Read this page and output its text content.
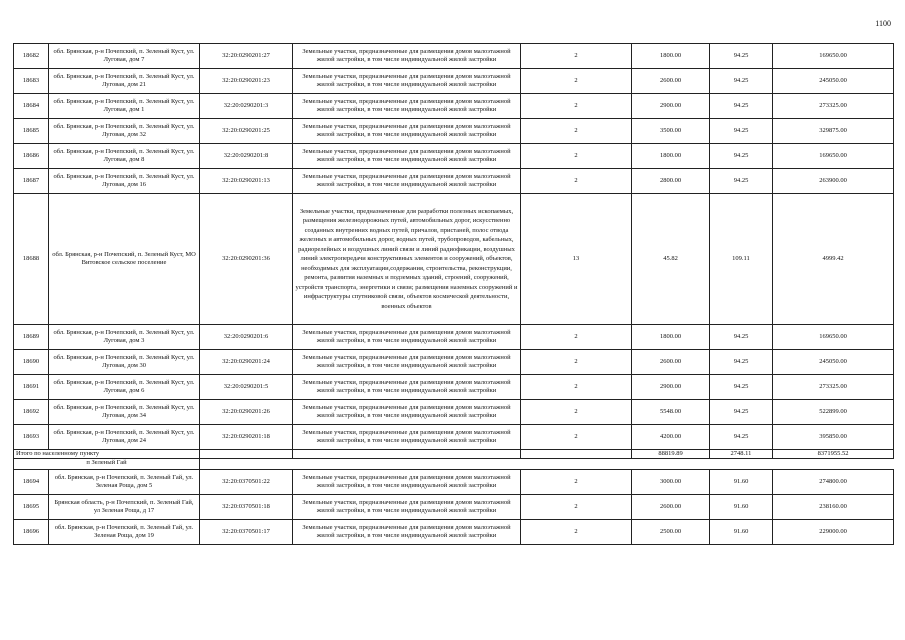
1100
18682	обл. Брянская, р-н Почепский, п. Зеленый Куст, ул. Луговая, дом 7	32:20:0290201:27	Земельные участки, предназначенные для размещения домов малоэтажной жилой застройки, в том числе индивидуальной жилой застройки	2	1800.00	94.25	169650.00
18683	обл. Брянская, р-н Почепский, п. Зеленый Куст, ул. Луговая, дом 21	32:20:0290201:23	Земельные участки, предназначенные для размещения домов малоэтажной жилой застройки, в том числе индивидуальной жилой застройки	2	2600.00	94.25	245050.00
18684	обл. Брянская, р-н Почепский, п. Зеленый Куст, ул. Луговая, дом 1	32:20:0290201:3	Земельные участки, предназначенные для размещения домов малоэтажной жилой застройки, в том числе индивидуальной жилой застройки	2	2900.00	94.25	273325.00
18685	обл. Брянская, р-н Почепский, п. Зеленый Куст, ул. Луговая, дом 32	32:20:0290201:25	Земельные участки, предназначенные для размещения домов малоэтажной жилой застройки, в том числе индивидуальной жилой застройки	2	3500.00	94.25	329875.00
18686	обл. Брянская, р-н Почепский, п. Зеленый Куст, ул. Луговая, дом 8	32:20:0290201:8	Земельные участки, предназначенные для размещения домов малоэтажной жилой застройки, в том числе индивидуальной жилой застройки	2	1800.00	94.25	169650.00
18687	обл. Брянская, р-н Почепский, п. Зеленый Куст, ул. Луговая, дом 16	32:20:0290201:13	Земельные участки, предназначенные для размещения домов малоэтажной жилой застройки, в том числе индивидуальной жилой застройки	2	2800.00	94.25	263900.00
18688	обл. Брянская, р-н Почепский, п. Зеленый Куст, МО Витовское сельское поселение	32:20:0290201:36	Земельные участки, предназначенные для разработки полезных ископаемых, размещения железнодорожных путей, автомобильных дорог, искусственно созданных внутренних водных путей, причалов, пристаней, полос отвода железных и автомобильных дорог, водных путей, трубопроводов, кабельных, радиорелейных и воздушных линий связи и линий радиофикации, воздушных линий электропередачи конструктивных элементов и сооружений, объектов, необходимых для эксплуатации,содержания, строительства, реконструкции, ремонта, развития наземных и подземных зданий, строений, сооружений, устройств транспорта, энергетики и связи; размещения наземных сооружений и инфраструктуры спутниковой связи, объектов космической деятельности, военных объектов	13	45.82	109.11	4999.42
18689	обл. Брянская, р-н Почепский, п. Зеленый Куст, ул. Луговая, дом 3	32:20:0290201:6	Земельные участки, предназначенные для размещения домов малоэтажной жилой застройки, в том числе индивидуальной жилой застройки	2	1800.00	94.25	169650.00
18690	обл. Брянская, р-н Почепский, п. Зеленый Куст, ул. Луговая, дом 30	32:20:0290201:24	Земельные участки, предназначенные для размещения домов малоэтажной жилой застройки, в том числе индивидуальной жилой застройки	2	2600.00	94.25	245050.00
18691	обл. Брянская, р-н Почепский, п. Зеленый Куст, ул. Луговая, дом 6	32:20:0290201:5	Земельные участки, предназначенные для размещения домов малоэтажной жилой застройки, в том числе индивидуальной жилой застройки	2	2900.00	94.25	273325.00
18692	обл. Брянская, р-н Почепский, п. Зеленый Куст, ул. Луговая, дом 34	32:20:0290201:26	Земельные участки, предназначенные для размещения домов малоэтажной жилой застройки, в том числе индивидуальной жилой застройки	2	5548.00	94.25	522899.00
18693	обл. Брянская, р-н Почепский, п. Зеленый Куст, ул. Луговая, дом 24	32:20:0290201:18	Земельные участки, предназначенные для размещения домов малоэтажной жилой застройки, в том числе индивидуальной жилой застройки	2	4200.00	94.25	395850.00
Итого по населенному пункту					88819.89	2748.11	8371955.52
п Зеленый Гай							
18694	обл. Брянская, р-н Почепский, п. Зеленый Гай, ул. Зеленая Роща, дом 5	32:20:0370501:22	Земельные участки, предназначенные для размещения домов малоэтажной жилой застройки, в том числе индивидуальной жилой застройки	2	3000.00	91.60	274800.00
18695	Брянская область, р-н Почепский, п. Зеленый Гай, ул Зеленая Роща, д 17	32:20:0370501:18	Земельные участки, предназначенные для размещения домов малоэтажной жилой застройки, в том числе индивидуальной жилой застройки	2	2600.00	91.60	238160.00
18696	обл. Брянская, р-н Почепский, п. Зеленый Гай, ул. Зеленая Роща, дом 19	32:20:0370501:17	Земельные участки, предназначенные для размещения домов малоэтажной жилой застройки, в том числе индивидуальной жилой застройки	2	2500.00	91.60	229000.00
